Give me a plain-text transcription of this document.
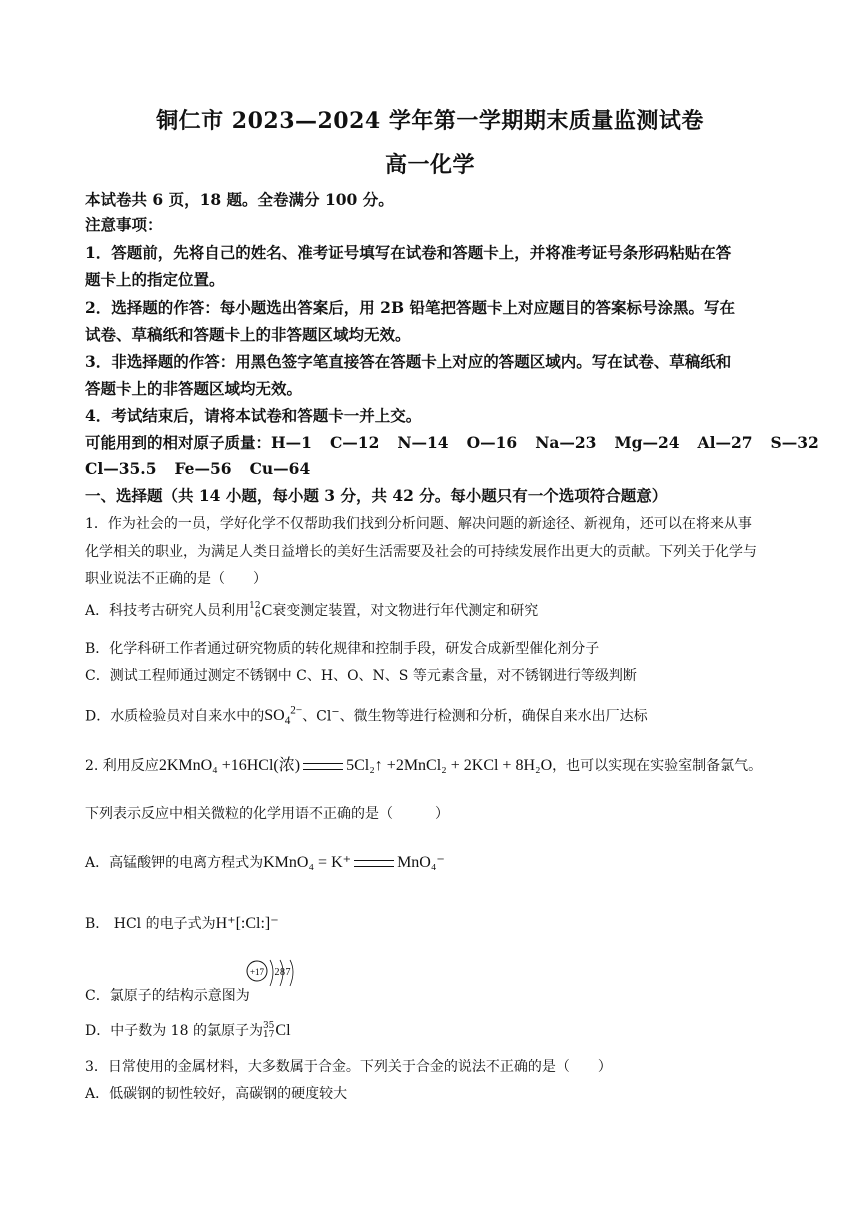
铜仁市 2023—2024 学年第一学期期末质量监测试卷
高一化学
本试卷共 6 页，18 题。全卷满分 100 分。
注意事项：
1．答题前，先将自己的姓名、准考证号填写在试卷和答题卡上，并将准考证号条形码粘贴在答
题卡上的指定位置。
2．选择题的作答：每小题选出答案后，用 2B 铅笔把答题卡上对应题目的答案标号涂黑。写在
试卷、草稿纸和答题卡上的非答题区域均无效。
3．非选择题的作答：用黑色签字笔直接答在答题卡上对应的答题区域内。写在试卷、草稿纸和
答题卡上的非答题区域均无效。
4．考试结束后，请将本试卷和答题卡一并上交。
可能用到的相对原子质量：H—1 C—12 N—14 O—16 Na—23 Mg—24 Al—27 S—32
Cl—35.5 Fe—56 Cu—64
一、选择题（共 14 小题，每小题 3 分，共 42 分。每小题只有一个选项符合题意）
1．作为社会的一员，学好化学不仅帮助我们找到分析问题、解决问题的新途径、新视角，还可以在将来从事
化学相关的职业，为满足人类日益增长的美好生活需要及社会的可持续发展作出更大的贡献。下列关于化学与
职业说法不正确的是（　　）
A．科技考古研究人员利用12
6C衰变测定装置，对文物进行年代测定和研究
B．化学科研工作者通过研究物质的转化规律和控制手段，研发合成新型催化剂分子
C．测试工程师通过测定不锈钢中 C、H、O、N、S 等元素含量，对不锈钢进行等级判断
D．水质检验员对自来水中的$SO_4^{2-}$、Cl−、微生物等进行检测和分析，确保自来水出厂达标
2. 利用反应2KMnO₄ +16HCl(浓)	5Cl₂↑ +2MnCl₂ + 2KCl + 8H₂O，也可以实现在实验室制备氯气。
下列表示反应中相关微粒的化学用语不正确的是（　　　）
A．高锰酸钾的电离方程式为KMnO₄ = K⁺	MnO₄⁻
B． HCl 的电子式为H⁺[:Cl:]⁻
+17 2 8 7
C．氯原子的结构示意图为
D．中子数为 18 的氯原子为35
17Cl
3．日常使用的金属材料，大多数属于合金。下列关于合金的说法不正确的是（　　）
A．低碳钢的韧性较好，高碳钢的硬度较大
